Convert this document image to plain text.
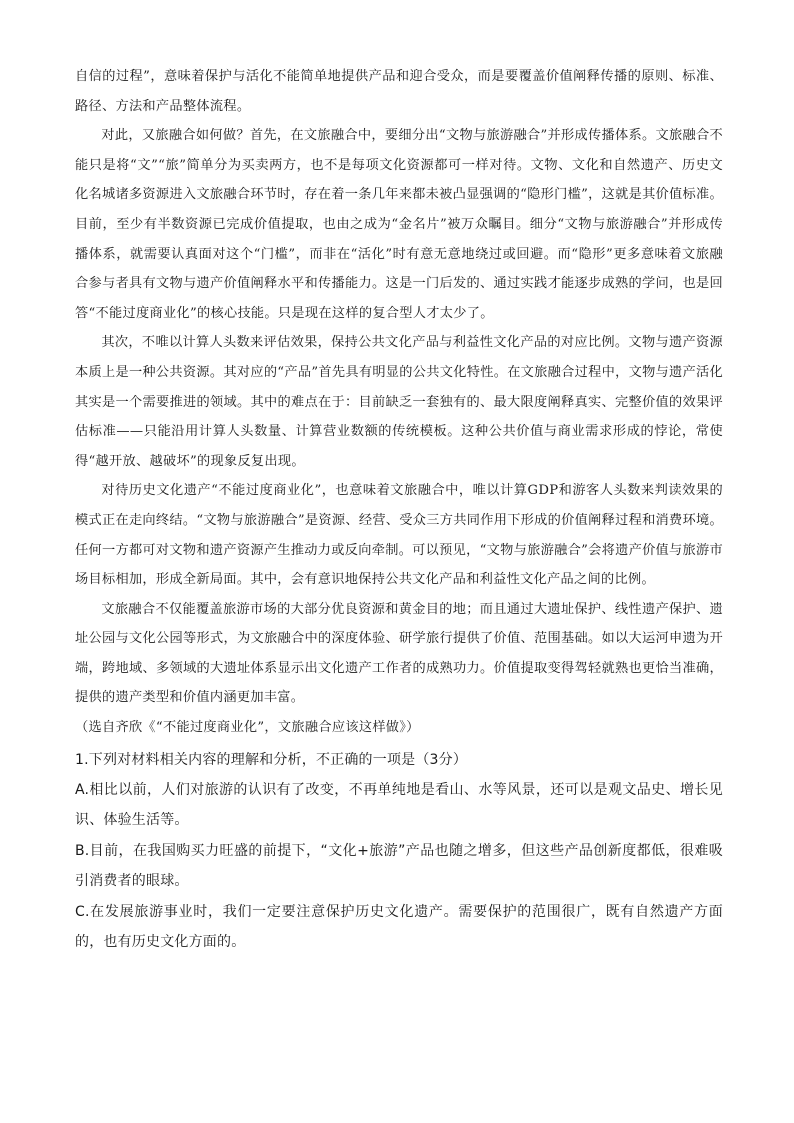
自信的过程”，意味着保护与活化不能简单地提供产品和迎合受众，而是要覆盖价值阐释传播的原则、标准、路径、方法和产品整体流程。

对此，又旅融合如何做？首先，在文旅融合中，要细分出“文物与旅游融合”并形成传播体系。文旅融合不能只是将“文”“旅”简单分为买卖两方，也不是每项文化资源都可一样对待。文物、文化和自然遗产、历史文化名城诸多资源进入文旅融合环节时，存在着一条几年来都未被凸显强调的“隐形门槛”，这就是其价值标准。目前，至少有半数资源已完成价值提取，也由之成为“金名片”被万众瞩目。细分“文物与旅游融合”并形成传播体系，就需要认真面对这个“门槛”，而非在“活化”时有意无意地绕过或回避。而“隐形”更多意味着文旅融合参与者具有文物与遗产价值阐释水平和传播能力。这是一门后发的、通过实践才能逐步成熟的学问，也是回答“不能过度商业化”的核心技能。只是现在这样的复合型人才太少了。

其次，不唯以计算人头数来评估效果，保持公共文化产品与利益性文化产品的对应比例。文物与遗产资源本质上是一种公共资源。其对应的“产品”首先具有明显的公共文化特性。在文旅融合过程中，文物与遗产活化其实是一个需要推进的领域。其中的难点在于：目前缺乏一套独有的、最大限度阐释真实、完整价值的效果评估标准——只能沿用计算人头数量、计算营业数额的传统模板。这种公共价值与商业需求形成的悖论，常使得“越开放、越破坏”的现象反复出现。

对待历史文化遗产“不能过度商业化”，也意味着文旅融合中，唯以计算GDP和游客人头数来判读效果的模式正在走向终结。“文物与旅游融合”是资源、经营、受众三方共同作用下形成的价值阐释过程和消费环境。任何一方都可对文物和遗产资源产生推动力或反向牵制。可以预见，“文物与旅游融合”会将遗产价值与旅游市场目标相加，形成全新局面。其中，会有意识地保持公共文化产品和利益性文化产品之间的比例。

文旅融合不仅能覆盖旅游市场的大部分优良资源和黄金目的地；而且通过大遗址保护、线性遗产保护、遗址公园与文化公园等形式，为文旅融合中的深度体验、研学旅行提供了价值、范围基础。如以大运河申遗为开端，跨地域、多领域的大遗址体系显示出文化遗产工作者的成熟功力。价值提取变得驾轻就熟也更恰当准确，提供的遗产类型和价值内涵更加丰富。

（选自齐欣《“不能过度商业化”，文旅融合应该这样做》）

1.下列对材料相关内容的理解和分析，不正确的一项是（3分）

A.相比以前，人们对旅游的认识有了改变，不再单纯地是看山、水等风景，还可以是观文品史、增长见识、体验生活等。

B.目前，在我国购买力旺盛的前提下，“文化+旅游”产品也随之增多，但这些产品创新度都低，很难吸引消费者的眼球。

C.在发展旅游事业时，我们一定要注意保护历史文化遗产。需要保护的范围很广，既有自然遗产方面的，也有历史文化方面的。
